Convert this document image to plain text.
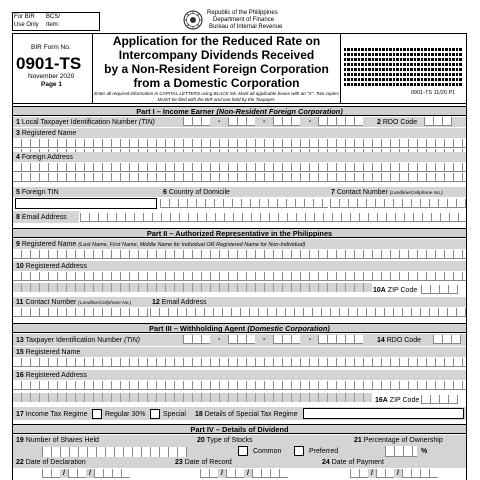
For BIR
Use Only
BCS/
Item:
Republic of the Philippines
Department of Finance
Bureau of Internal Revenue
BIR Form No.
0901-TS
November 2020
Page 1
Application for the Reduced Rate on
Intercompany Dividends Received
by a Non-Resident Foreign Corporation
from a Domestic Corporation
Enter all required information in CAPITAL LETTERS using BLACK ink. Mark all applicable boxes with an "X". Two copies MUST be filed with the BIR and one held by the Taxpayer.
0901-TS 11/20 P1
Part I – Income Earner (Non-Resident Foreign Corporation)
1 Local Taxpayer Identification Number (TIN)	-	-	-	2 RDO Code
3 Registered Name
4 Foreign Address
5 Foreign TIN	6 Country of Domicile	7 Contact Number (Landline/Cellphone No.)
8 Email Address
Part II – Authorized Representative in the Philippines
9 Registered Name (Last Name, First Name, Middle Name for Individual OR Registered Name for Non-Individual)
10 Registered Address
10A ZIP Code
11 Contact Number (Landline/Cellphone No.)	12 Email Address
Part III – Withholding Agent (Domestic Corporation)
13 Taxpayer Identification Number (TIN)	-	-	-	14 RDO Code
15 Registered Name
16 Registered Address
16A ZIP Code
17 Income Tax Regime	Regular 30%	Special 18 Details of Special Tax Regime
Part IV – Details of Dividend
19 Number of Shares Held	20 Type of Stocks
Common	Preferred
21 Percentage of Ownership
%
22 Date of Declaration	23 Date of Record	24 Date of Payment
/	/	/	/	/	/
